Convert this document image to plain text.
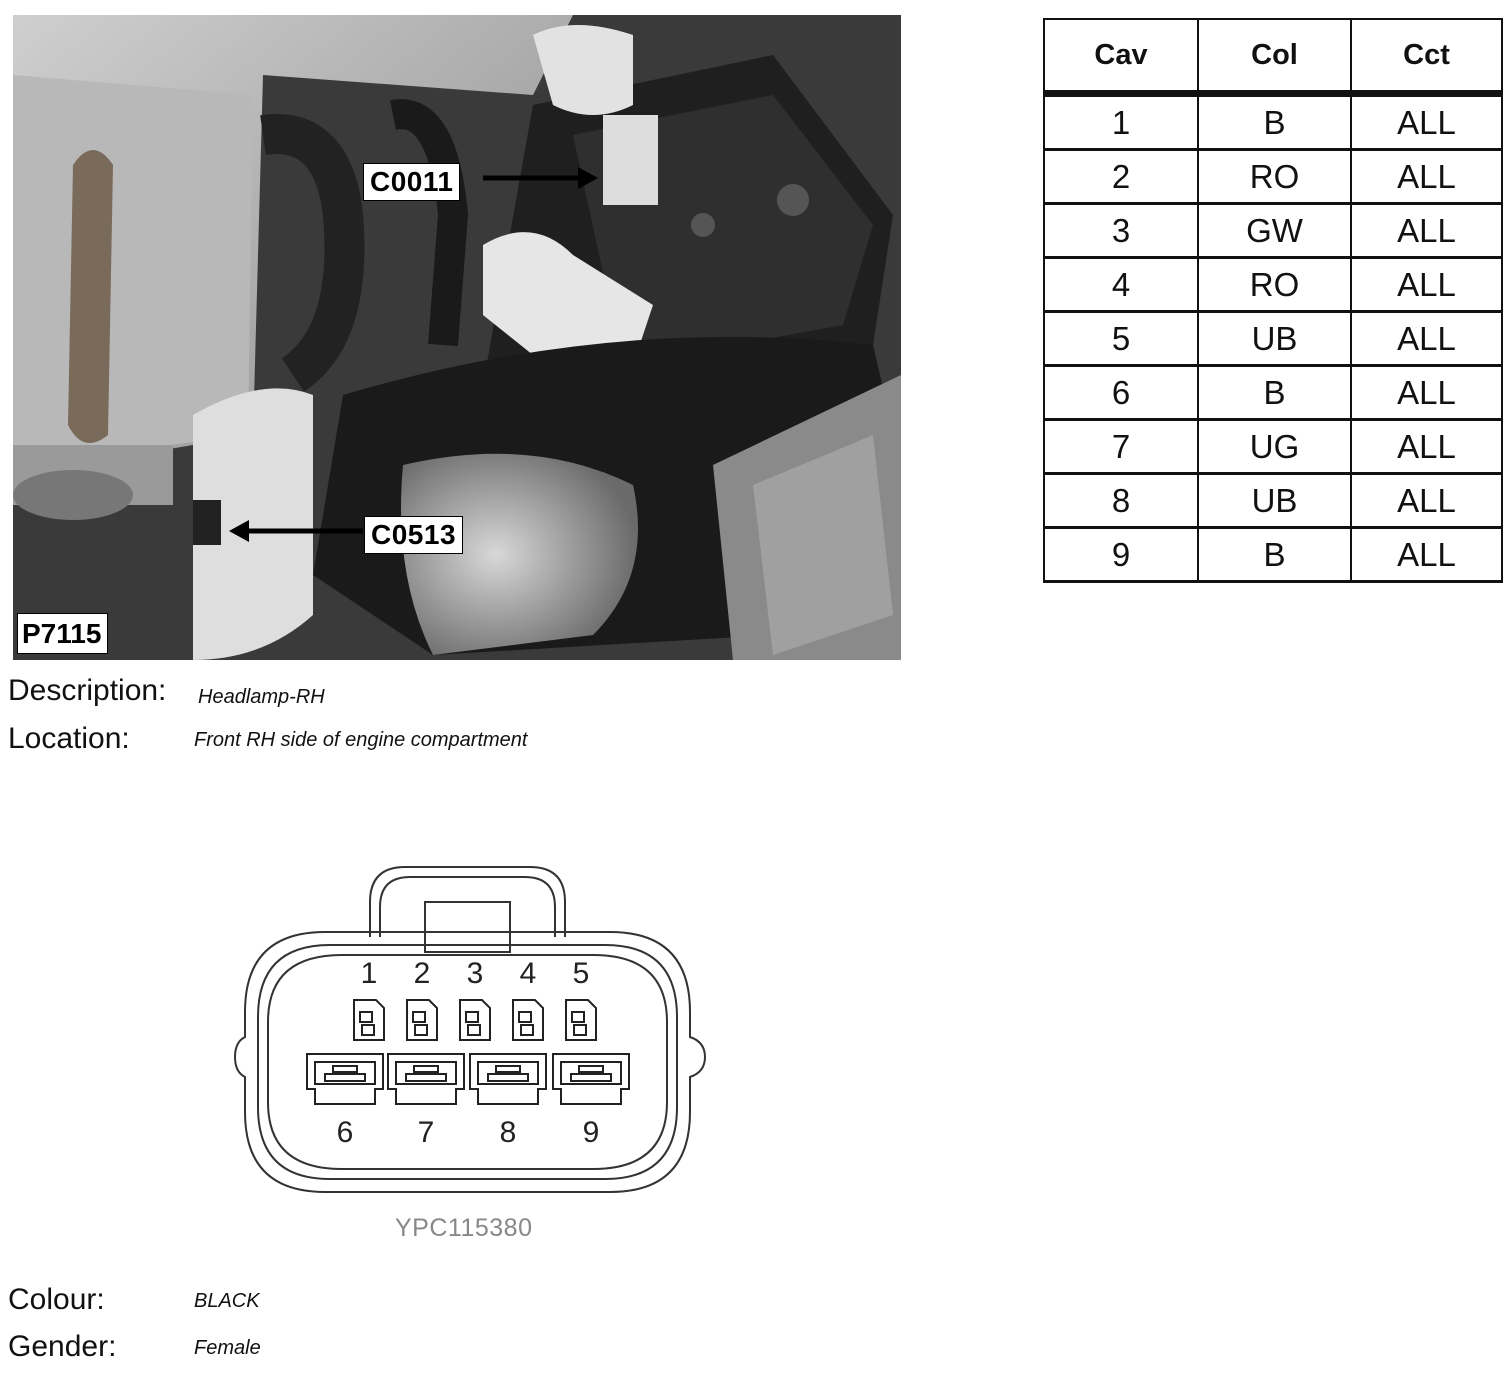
C0011
C0513
P7115
Description: Headlamp-RH
Location:	Front RH side of engine compartment
Cav	Col	Cct
1	B	ALL
2	RO	ALL
3	GW	ALL
4	RO	ALL
5	UB	ALL
6	B	ALL
7	UG	ALL
8	UB	ALL
9	B	ALL
1 2 3 4 5
6 7 8 9
YPC115380
Colour:	BLACK
Gender:	Female
